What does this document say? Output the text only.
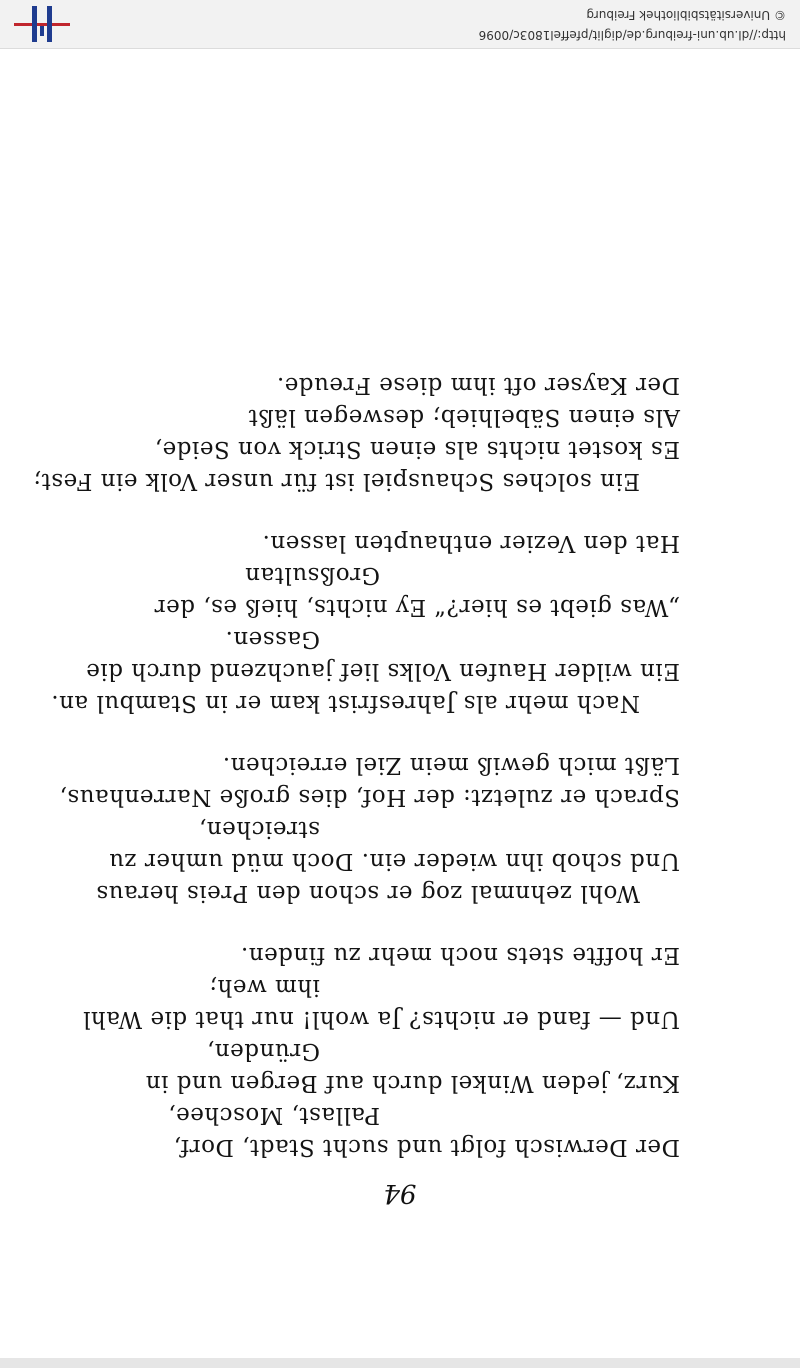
94
Der Derwisch folgt und sucht Stadt, Dorf,
Pallast, Moschee,
Kurz, jeden Winkel durch auf Bergen und in
Gründen,
Und — fand er nichts? Ja wohl! nur that die Wahl
ihm weh;
Er hoffte stets noch mehr zu finden.
Wohl zehnmal zog er schon den Preis heraus
Und schob ihn wieder ein. Doch müd umher zu
streichen,
Sprach er zuletzt: der Hof, dies große Narrenhaus,
Läßt mich gewiß mein Ziel erreichen.
Nach mehr als Jahresfrist kam er in Stambul an.
Ein wilder Haufen Volks lief jauchzend durch die
Gassen.
„Was giebt es hier?“ Ey nichts, hieß es, der
Großsultan
Hat den Vezier enthaupten lassen.
Ein solches Schauspiel ist für unser Volk ein Fest;
Es kostet nichts als einen Strick von Seide,
Als einen Säbelhieb; deswegen läßt
Der Kayser oft ihm diese Freude.
http://dl.ub.uni-freiburg.de/diglit/pfeffel1803c/0096
© Universitätsbibliothek Freiburg
